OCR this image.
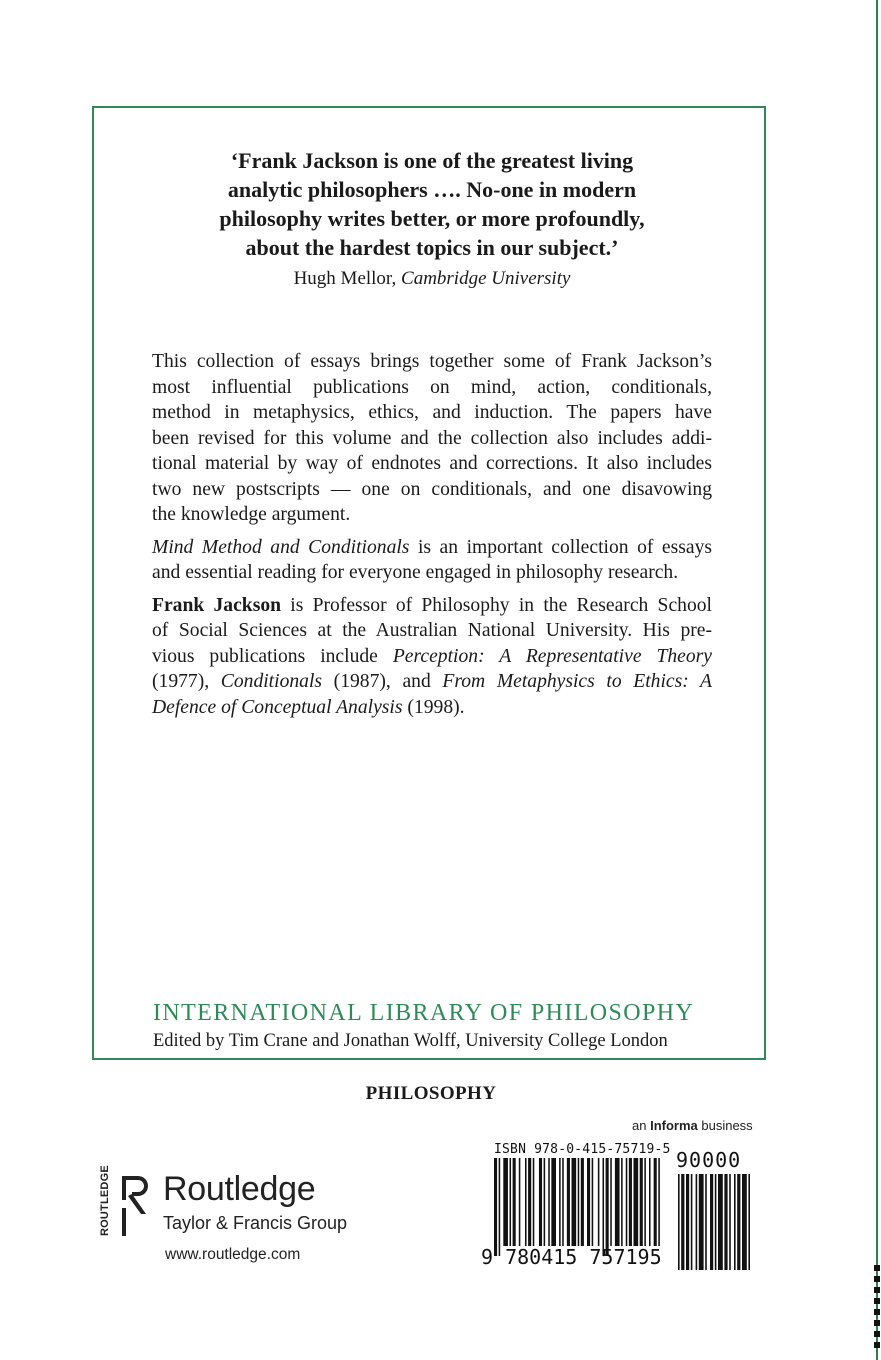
‘Frank Jackson is one of the greatest living
analytic philosophers …. No-one in modern
philosophy writes better, or more profoundly,
about the hardest topics in our subject.’
Hugh Mellor, Cambridge University

This collection of essays brings together some of Frank Jackson’s
most influential publications on mind, action, conditionals,
method in metaphysics, ethics, and induction. The papers have
been revised for this volume and the collection also includes addi-
tional material by way of endnotes and corrections. It also includes
two new postscripts — one on conditionals, and one disavowing
the knowledge argument.

Mind Method and Conditionals is an important collection of essays
and essential reading for everyone engaged in philosophy research.

Frank Jackson is Professor of Philosophy in the Research School
of Social Sciences at the Australian National University. His pre-
vious publications include Perception: A Representative Theory
(1977), Conditionals (1987), and From Metaphysics to Ethics: A
Defence of Conceptual Analysis (1998).

INTERNATIONAL LIBRARY OF PHILOSOPHY
Edited by Tim Crane and Jonathan Wolff, University College London
PHILOSOPHY
ROUTLEDGE Routledge
Taylor & Francis Group
www.routledge.com
an Informa business
ISBN 978-0-415-75719-5 90000
9 780415 757195
